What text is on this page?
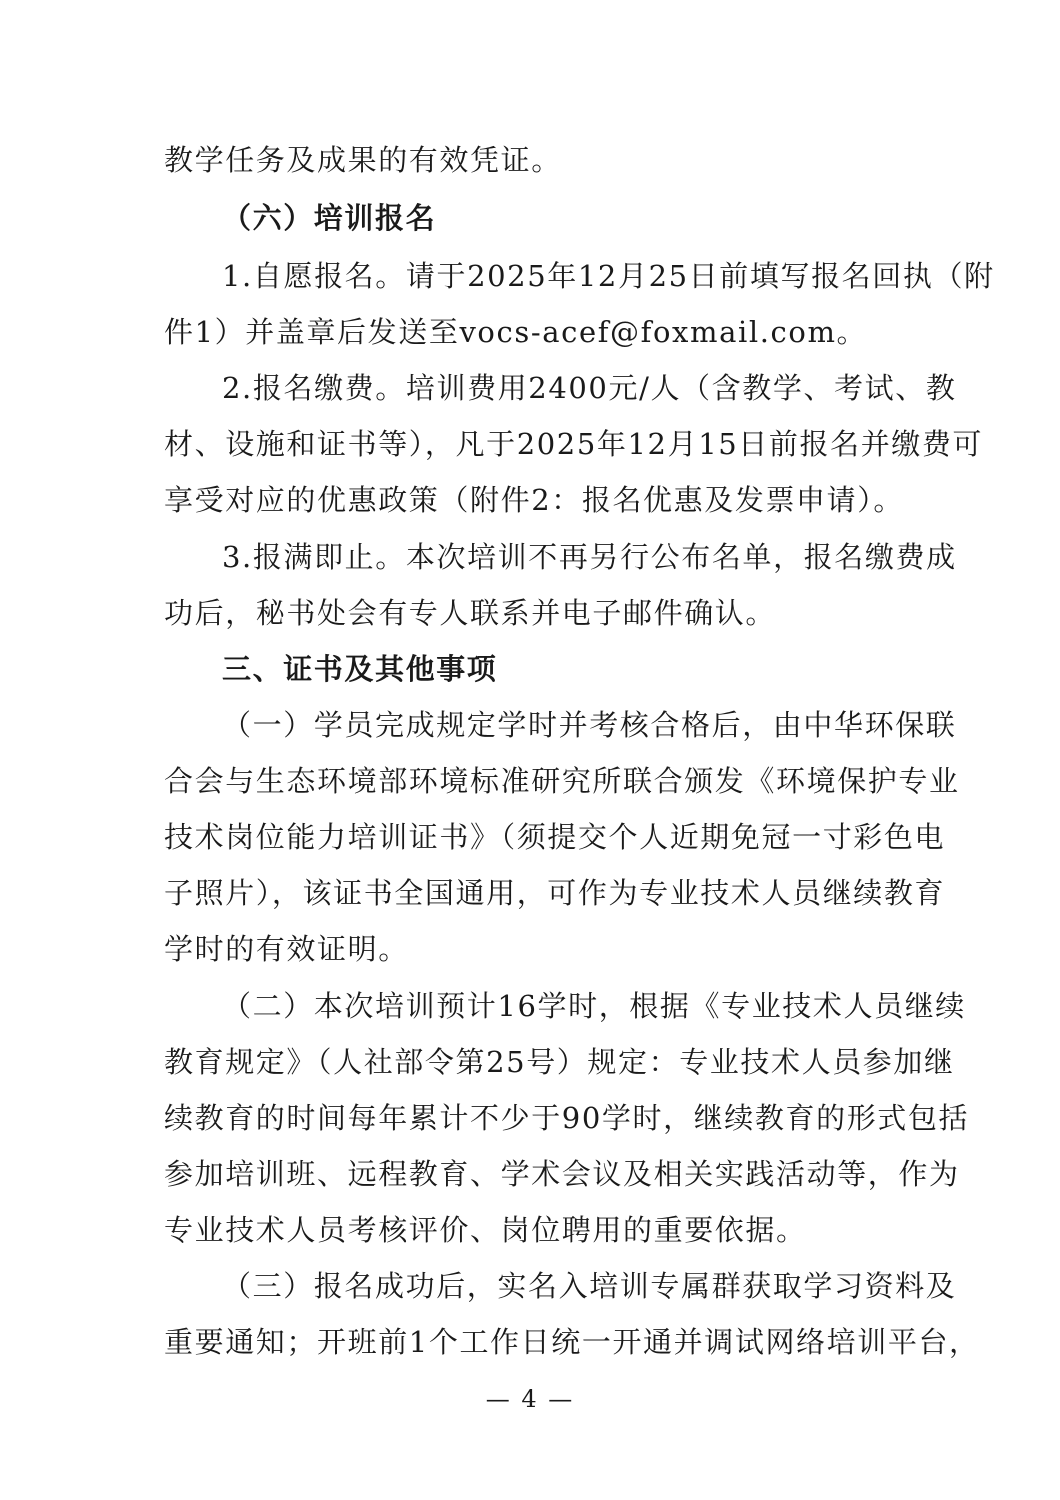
教学任务及成果的有效凭证。
（六）培训报名
1.自愿报名。请于2025年12月25日前填写报名回执（附
件1）并盖章后发送至vocs-acef@foxmail.com。
2.报名缴费。培训费用2400元/人（含教学、考试、教
材、设施和证书等），凡于2025年12月15日前报名并缴费可
享受对应的优惠政策（附件2：报名优惠及发票申请）。
3.报满即止。本次培训不再另行公布名单，报名缴费成
功后，秘书处会有专人联系并电子邮件确认。
三、证书及其他事项
（一）学员完成规定学时并考核合格后，由中华环保联
合会与生态环境部环境标准研究所联合颁发《环境保护专业
技术岗位能力培训证书》（须提交个人近期免冠一寸彩色电
子照片），该证书全国通用，可作为专业技术人员继续教育
学时的有效证明。
（二）本次培训预计16学时，根据《专业技术人员继续
教育规定》（人社部令第25号）规定：专业技术人员参加继
续教育的时间每年累计不少于90学时，继续教育的形式包括
参加培训班、远程教育、学术会议及相关实践活动等，作为
专业技术人员考核评价、岗位聘用的重要依据。
（三）报名成功后，实名入培训专属群获取学习资料及
重要通知；开班前1个工作日统一开通并调试网络培训平台，
— 4 —
